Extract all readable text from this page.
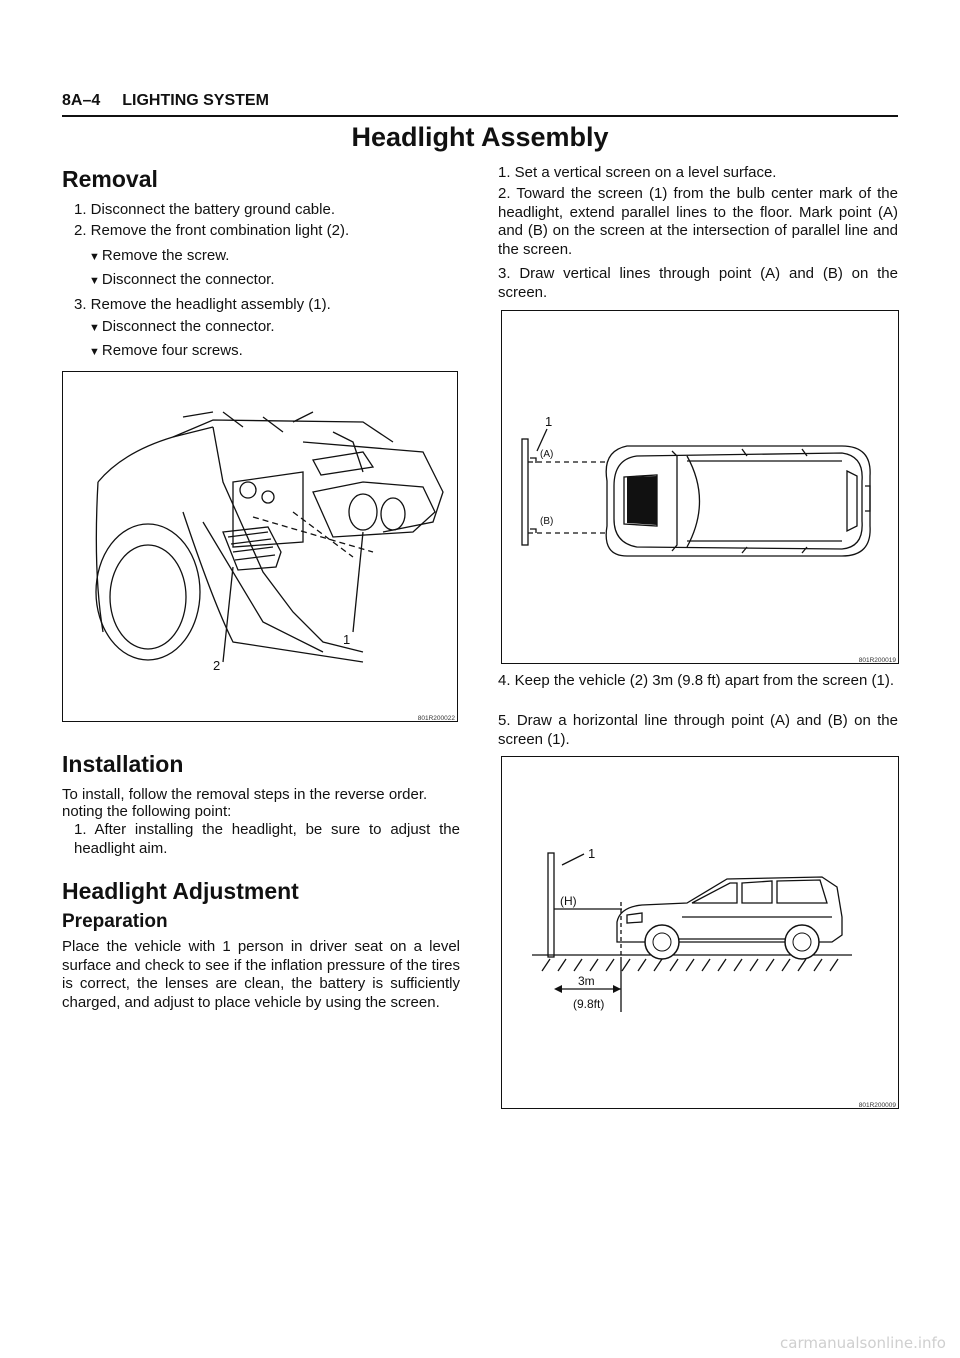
8A–4 LIGHTING SYSTEM
Headlight Assembly
Removal
1. Disconnect the battery ground cable.
2. Remove the front combination light (2).
▼ Remove the screw.
▼ Disconnect the connector.
3. Remove the headlight assembly (1).
▼ Disconnect the connector.
▼ Remove four screws.
1
2
801R200022
Installation
To install, follow the removal steps in the reverse order.
noting the following point:
1. After installing the headlight, be sure to adjust the headlight aim.
Headlight Adjustment
Preparation
Place the vehicle with 1 person in driver seat on a level surface and check to see if the inflation pressure of the tires is correct, the lenses are clean, the battery is sufficiently charged, and adjust to place vehicle by using the screen.
1. Set a vertical screen on a level surface.
2. Toward the screen (1) from the bulb center mark of the headlight, extend parallel lines to the floor. Mark point (A) and (B) on the screen at the intersection of parallel line and the screen.
3. Draw vertical lines through point (A) and (B) on the screen.
1
(A)
(B)
801R200019
4. Keep the vehicle (2) 3m (9.8 ft) apart from the screen (1).
5. Draw a horizontal line through point (A) and (B) on the screen (1).
1
(H)
3m
(9.8ft)
801R200009
carmanualsonline.info
